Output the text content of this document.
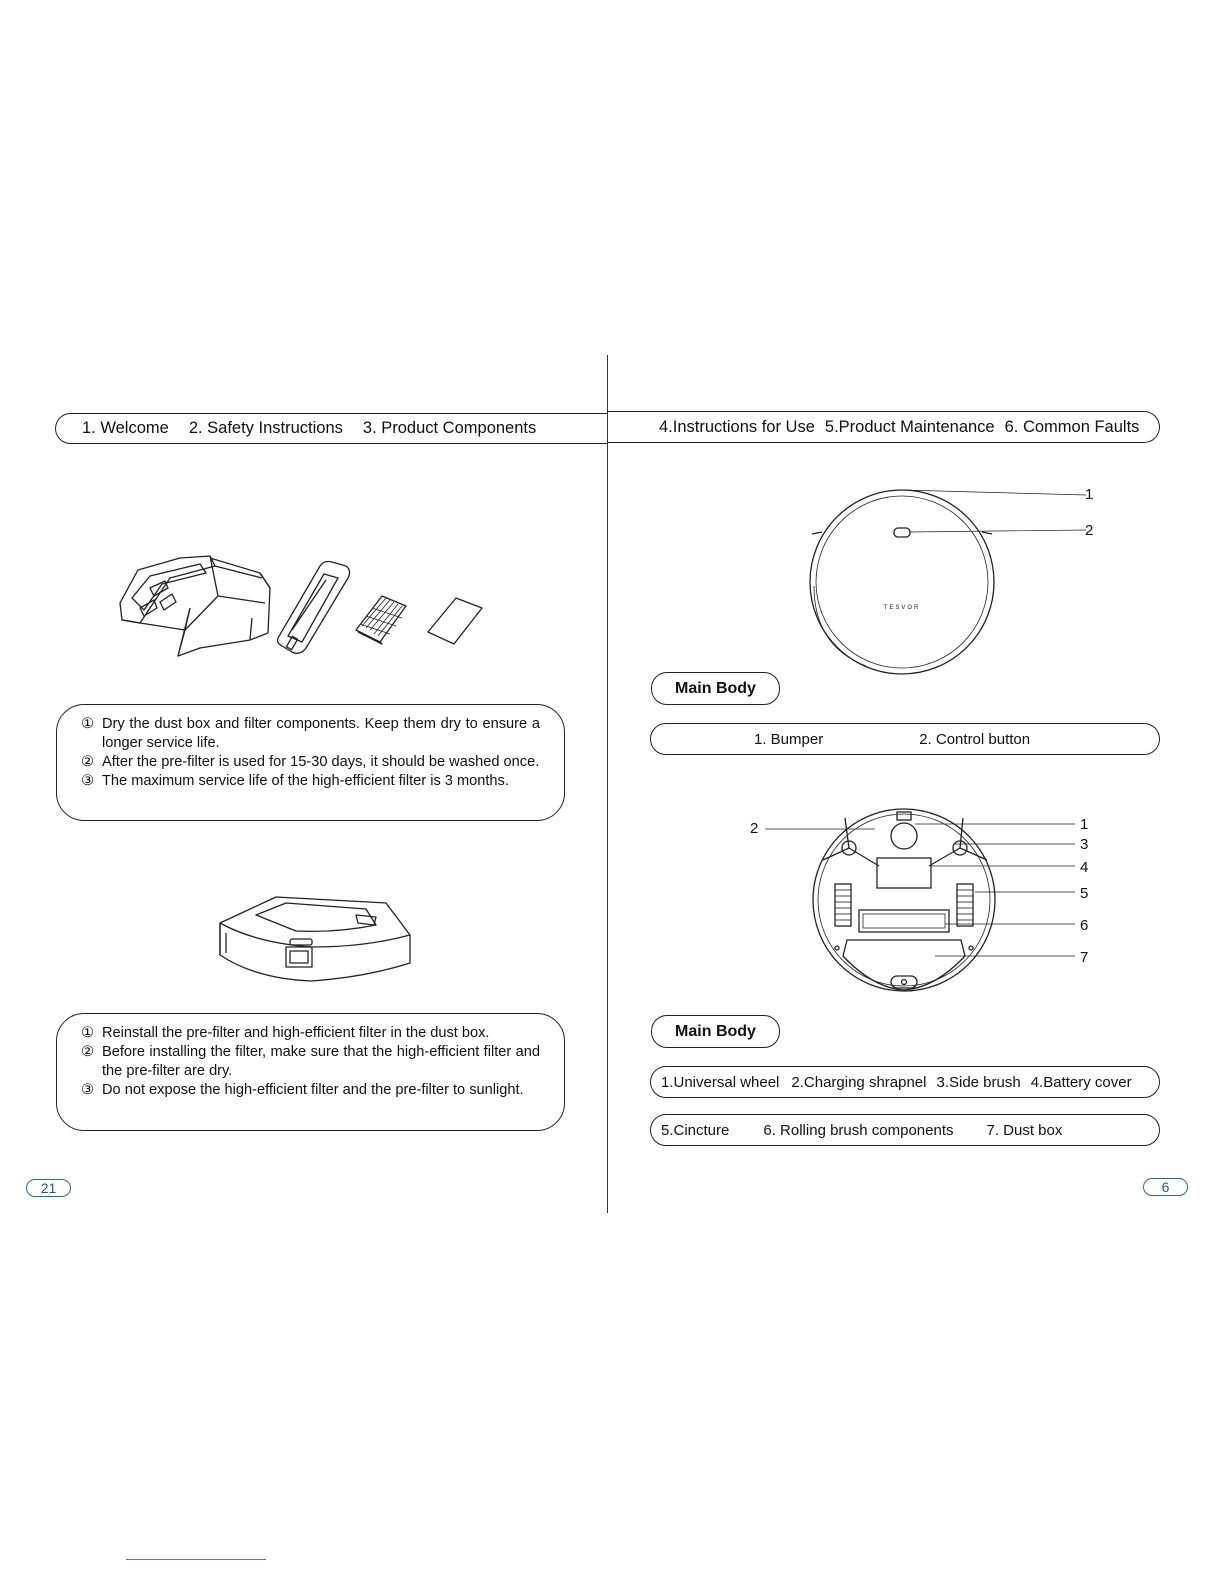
1. Welcome 2. Safety Instructions 3. Product Components	4.Instructions for Use 5.Product Maintenance 6. Common Faults
① Dry the dust box and filter components. Keep them dry to ensure a longer service life.
② After the pre-filter is used for 15-30 days, it should be washed once.
③ The maximum service life of the high-efficient filter is 3 months.
① Reinstall the pre-filter and high-efficient filter in the dust box.
② Before installing the filter, make sure that the high-efficient filter and the pre-filter are dry.
③ Do not expose the high-efficient filter and the pre-filter to sunlight.
21
TESVOR
1
2
Main Body
1. Bumper	2. Control button
2	1
3
4
5
6
7
Main Body
1.Universal wheel 2.Charging shrapnel 3.Side brush 4.Battery cover
5.Cincture 6. Rolling brush components 7. Dust box
6
